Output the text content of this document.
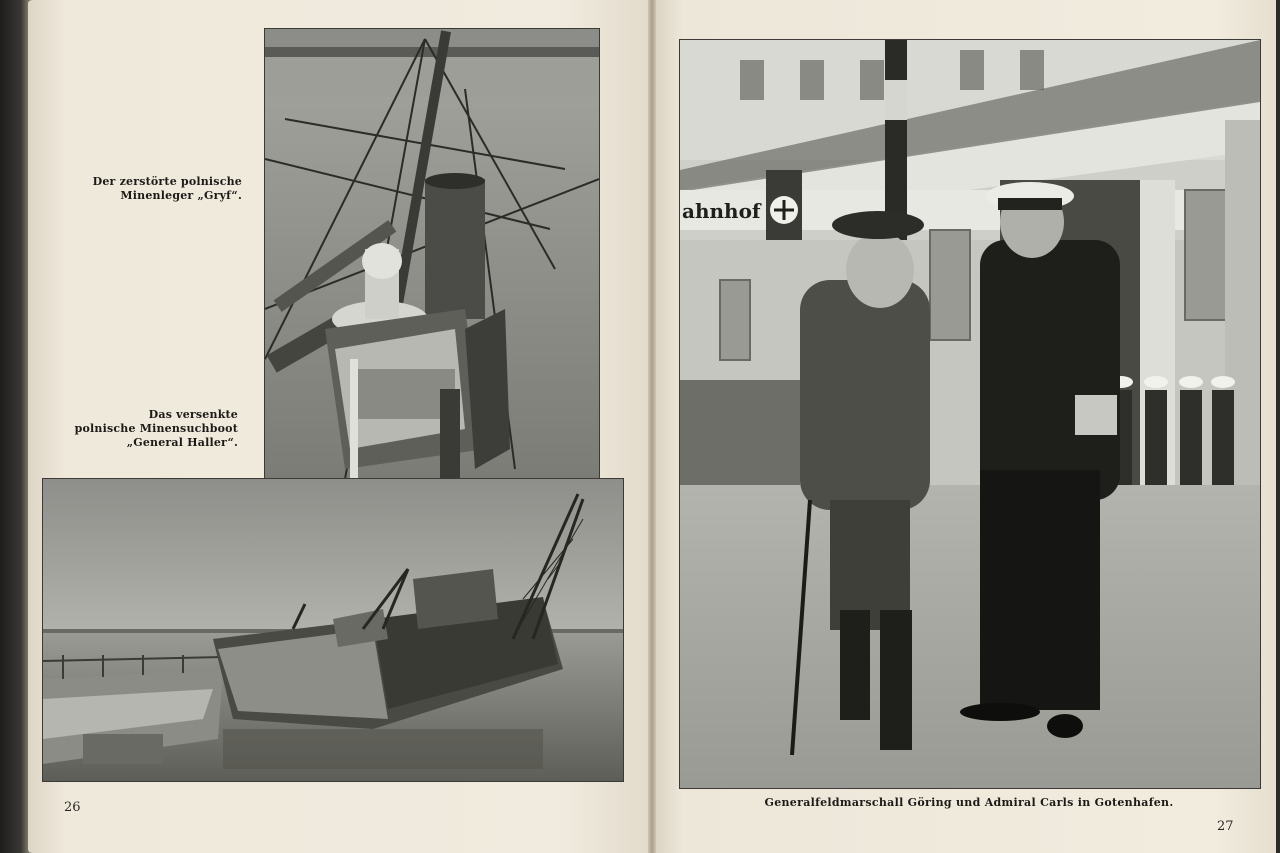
Der zerstörte polnische
Minenleger „Gryf“.
Das versenkte
polnische Minensuchboot
„General Haller“.
ahnhof
Generalfeldmarschall Göring und Admiral Carls in Gotenhafen.
26
27
